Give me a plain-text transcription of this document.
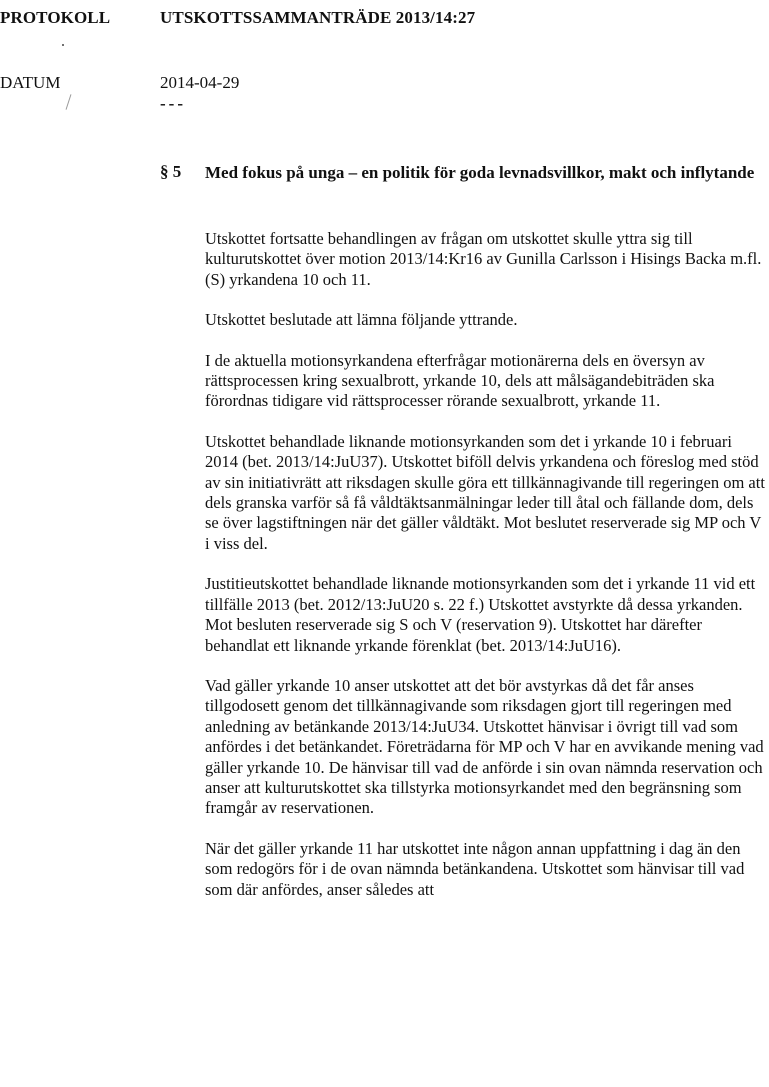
PROTOKOLL	UTSKOTTSSAMMANTRÄDE 2013/14:27
DATUM	2014-04-29
---
§ 5 Med fokus på unga – en politik för goda levnadsvillkor, makt och inflytande

Utskottet fortsatte behandlingen av frågan om utskottet skulle yttra sig till kulturutskottet över motion 2013/14:Kr16 av Gunilla Carlsson i Hisings Backa m.fl. (S) yrkandena 10 och 11.

Utskottet beslutade att lämna följande yttrande.

I de aktuella motionsyrkandena efterfrågar motionärerna dels en översyn av rättsprocessen kring sexualbrott, yrkande 10, dels att målsägandebiträden ska förordnas tidigare vid rättsprocesser rörande sexualbrott, yrkande 11.

Utskottet behandlade liknande motionsyrkanden som det i yrkande 10 i februari 2014 (bet. 2013/14:JuU37). Utskottet biföll delvis yrkandena och föreslog med stöd av sin initiativrätt att riksdagen skulle göra ett tillkännagivande till regeringen om att dels granska varför så få våldtäktsanmälningar leder till åtal och fällande dom, dels se över lagstiftningen när det gäller våldtäkt. Mot beslutet reserverade sig MP och V i viss del.

Justitieutskottet behandlade liknande motionsyrkanden som det i yrkande 11 vid ett tillfälle 2013 (bet. 2012/13:JuU20 s. 22 f.) Utskottet avstyrkte då dessa yrkanden. Mot besluten reserverade sig S och V (reservation 9). Utskottet har därefter behandlat ett liknande yrkande förenklat (bet. 2013/14:JuU16).

Vad gäller yrkande 10 anser utskottet att det bör avstyrkas då det får anses tillgodosett genom det tillkännagivande som riksdagen gjort till regeringen med anledning av betänkande 2013/14:JuU34. Utskottet hänvisar i övrigt till vad som anfördes i det betänkandet. Företrädarna för MP och V har en avvikande mening vad gäller yrkande 10. De hänvisar till vad de anförde i sin ovan nämnda reservation och anser att kulturutskottet ska tillstyrka motionsyrkandet med den begränsning som framgår av reservationen.

När det gäller yrkande 11 har utskottet inte någon annan uppfattning i dag än den som redogörs för i de ovan nämnda betänkandena. Utskottet som hänvisar till vad som där anfördes, anser således att
